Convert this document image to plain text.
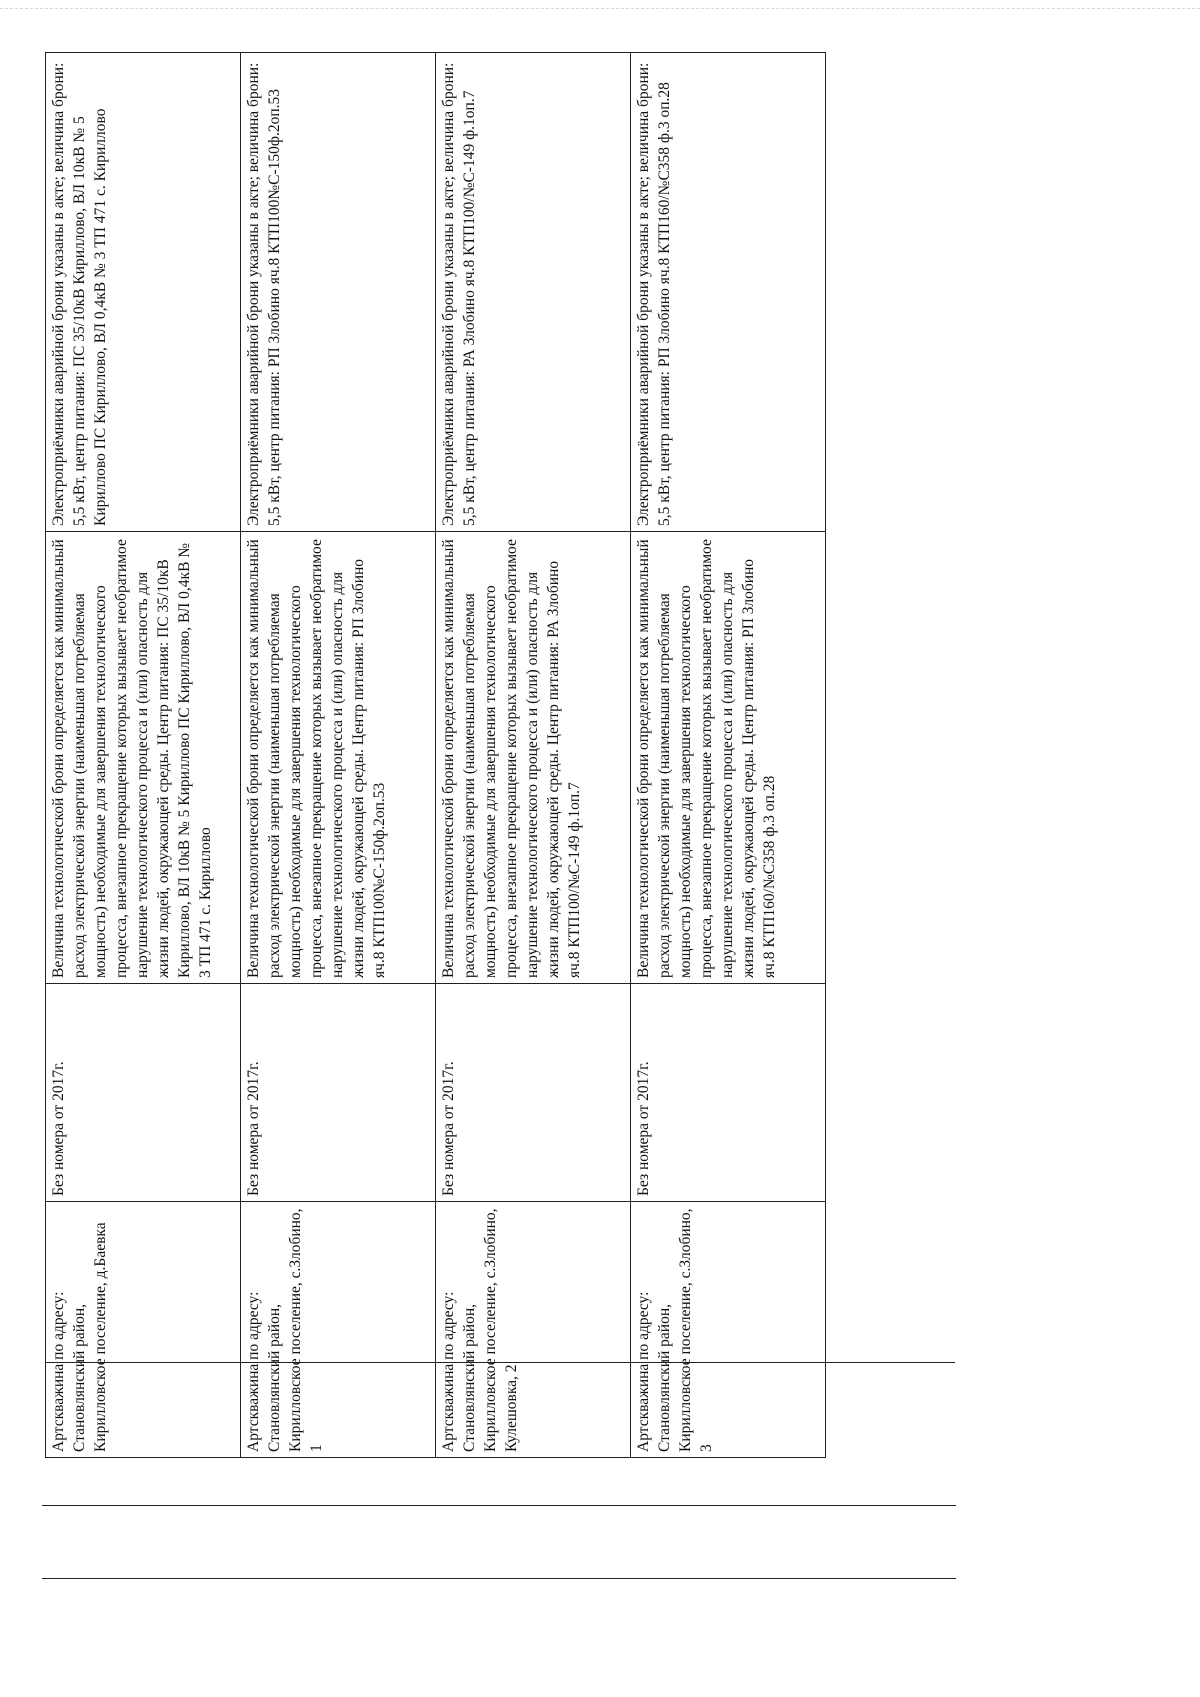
Артскважина по адресу: Становлянский район, Кирилловское поселение, д.Баевка	Без номера от 2017г.	Величина технологической брони определяется как минимальный расход электрической энергии (наименьшая потребляемая мощность) необходимые для завершения технологического процесса, внезапное прекращение которых вызывает необратимое нарушение технологического процесса и (или) опасность для жизни людей, окружающей среды. Центр питания: ПС 35/10кВ Кириллово, ВЛ 10кВ № 5 Кириллово ПС Кириллово, ВЛ 0,4кВ № 3 ТП 471 с. Кириллово	Электроприёмники аварийной брони указаны в акте; величина брони: 5,5 кВт, центр питания: ПС 35/10кВ Кириллово, ВЛ 10кВ № 5 Кириллово ПС Кириллово, ВЛ 0,4кВ № 3 ТП 471 с. Кириллово
Артскважина по адресу: Становлянский район, Кирилловское поселение, с.Злобино, 1	Без номера от 2017г.	Величина технологической брони определяется как минимальный расход электрической энергии (наименьшая потребляемая мощность) необходимые для завершения технологического процесса, внезапное прекращение которых вызывает необратимое нарушение технологического процесса и (или) опасность для жизни людей, окружающей среды. Центр питания: РП Злобино яч.8 КТП100№С-150ф.2оп.53	Электроприёмники аварийной брони указаны в акте; величина брони: 5,5 кВт, центр питания: РП Злобино яч.8 КТП100№С-150ф.2оп.53
Артскважина по адресу: Становлянский район, Кирилловское поселение, с.Злобино, Кулешовка, 2	Без номера от 2017г.	Величина технологической брони определяется как минимальный расход электрической энергии (наименьшая потребляемая мощность) необходимые для завершения технологического процесса, внезапное прекращение которых вызывает необратимое нарушение технологического процесса и (или) опасность для жизни людей, окружающей среды. Центр питания: РА Злобино яч.8 КТП100/№С-149 ф.1оп.7	Электроприёмники аварийной брони указаны в акте; величина брони: 5,5 кВт, центр питания: РА Злобино яч.8 КТП100/№С-149 ф.1оп.7
Артскважина по адресу: Становлянский район, Кирилловское поселение, с.Злобино, 3	Без номера от 2017г.	Величина технологической брони определяется как минимальный расход электрической энергии (наименьшая потребляемая мощность) необходимые для завершения технологического процесса, внезапное прекращение которых вызывает необратимое нарушение технологического процесса и (или) опасность для жизни людей, окружающей среды. Центр питания: РП Злобино яч.8 КТП160/№С358 ф.3 оп.28	Электроприёмники аварийной брони указаны в акте; величина брони: 5,5 кВт, центр питания: РП Злобино яч.8 КТП160/№С358 ф.3 оп.28
